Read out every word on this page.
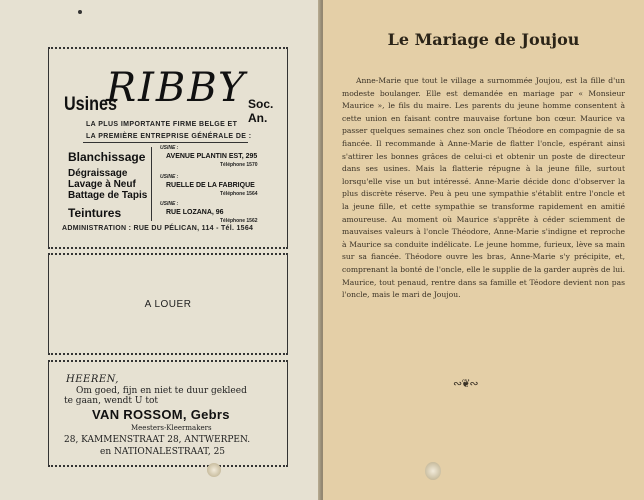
RIBBY
Usines	Soc. An.
LA PLUS IMPORTANTE FIRME BELGE ET
LA PREMIÈRE ENTREPRISE GÉNÉRALE DE :
Blanchissage
Dégraissage
Lavage à Neuf
Battage de Tapis
Teintures
USINE :
AVENUE PLANTIN EST, 295
Téléphone 1570
USINE :
RUELLE DE LA FABRIQUE
Téléphone 1564
USINE :
RUE LOZANA, 96
Téléphone 1562
ADMINISTRATION : RUE DU PÉLICAN, 114 - Tél. 1564
A LOUER
HEEREN,
Om goed, fijn en niet te duur gekleed
te gaan, wendt U tot
VAN ROSSOM, Gebrs
Meesters-Kleermakers
28, KAMMENSTRAAT 28, ANTWERPEN.
en NATIONALESTRAAT, 25
Le Mariage de Joujou
Anne-Marie que tout le village a surnommée Joujou, est la fille d'un modeste boulanger. Elle est demandée en mariage par « Monsieur Maurice », le fils du maire. Les parents du jeune homme consentent à cette union en faisant contre mauvaise fortune bon cœur. Maurice va passer quelques semaines chez son oncle Théodore en compagnie de sa fiancée. Il recommande à Anne-Marie de flatter l'oncle, espérant ainsi s'attirer les bonnes grâces de celui-ci et obtenir un poste de directeur dans ses usines. Mais la flatterie répugne à la jeune fille, surtout lorsqu'elle vise un but intéressé. Anne-Marie décide donc d'observer la plus discrète réserve. Peu à peu une sympathie s'établit entre l'oncle et la jeune fille, et cette sympathie se transforme rapidement en amitié amoureuse. Au moment où Maurice s'apprête à céder sciemment de mauvaises valeurs à l'oncle Théodore, Anne-Marie s'indigne et reproche à Maurice sa conduite indélicate. Le jeune homme, furieux, lève sa main sur sa fiancée. Théodore ouvre les bras, Anne-Marie s'y précipite, et, comprenant la bonté de l'oncle, elle le supplie de la garder auprès de lui. Maurice, tout penaud, rentre dans sa famille et Téodore devient non pas l'oncle, mais le mari de Joujou.
∾❦∾
